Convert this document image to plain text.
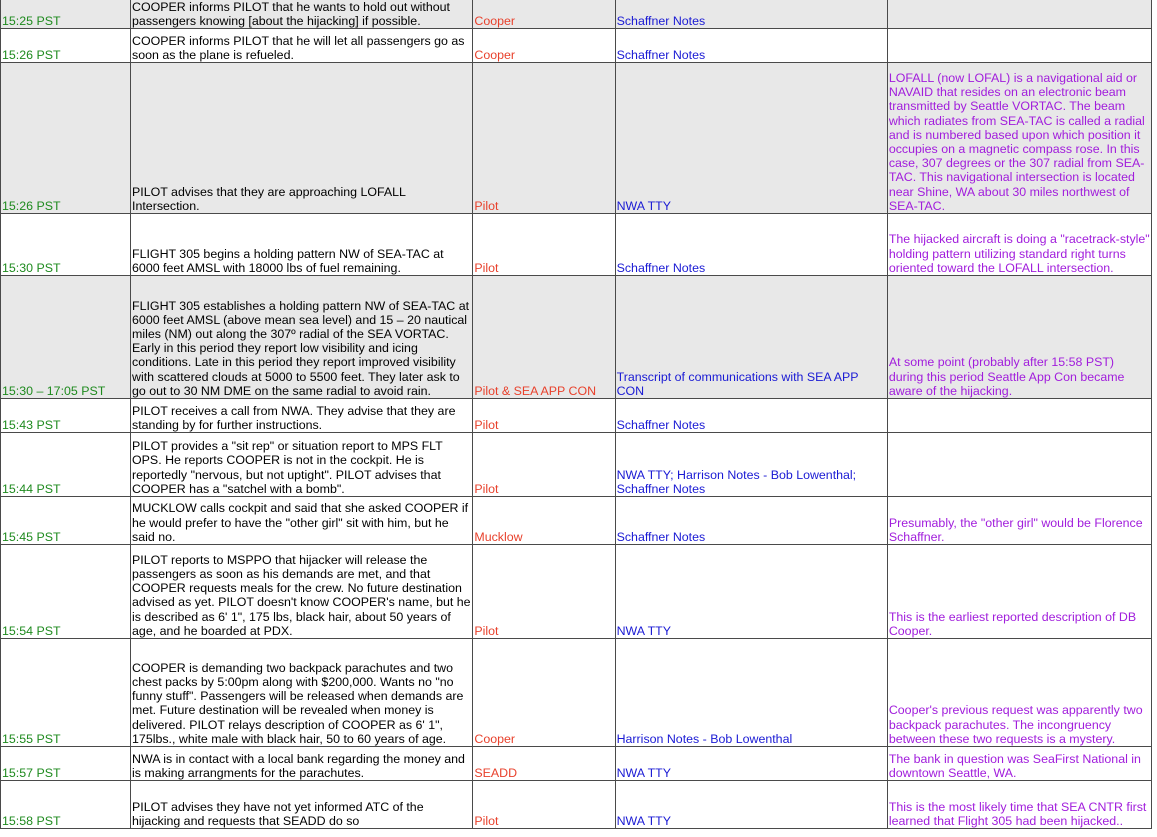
15:25 PST	COOPER informs PILOT that he wants to hold out without passengers knowing [about the hijacking] if possible.	Cooper	Schaffner Notes	
15:26 PST	COOPER informs PILOT that he will let all passengers go as soon as the plane is refueled.	Cooper	Schaffner Notes	
15:26 PST	PILOT advises that they are approaching LOFALL Intersection.	Pilot	NWA TTY	LOFALL (now LOFAL) is a navigational aid or NAVAID that resides on an electronic beam transmitted by Seattle VORTAC. The beam which radiates from SEA-TAC is called a radial and is numbered based upon which position it occupies on a magnetic compass rose. In this case, 307 degrees or the 307 radial from SEA-TAC. This navigational intersection is located near Shine, WA about 30 miles northwest of SEA-TAC.
15:30 PST	FLIGHT 305 begins a holding pattern NW of SEA-TAC at 6000 feet AMSL with 18000 lbs of fuel remaining.	Pilot	Schaffner Notes	The hijacked aircraft is doing a "racetrack-style" holding pattern utilizing standard right turns oriented toward the LOFALL intersection.
15:30 – 17:05 PST	FLIGHT 305 establishes a holding pattern NW of SEA-TAC at 6000 feet AMSL (above mean sea level) and 15 – 20 nautical miles (NM) out along the 307º radial of the SEA VORTAC. Early in this period they report low visibility and icing conditions. Late in this period they report improved visibility with scattered clouds at 5000 to 5500 feet. They later ask to go out to 30 NM DME on the same radial to avoid rain.	Pilot & SEA APP CON	Transcript of communications with SEA APP CON	At some point (probably after 15:58 PST) during this period Seattle App Con became aware of the hijacking.
15:43 PST	PILOT receives a call from NWA. They advise that they are standing by for further instructions.	Pilot	Schaffner Notes	
15:44 PST	PILOT provides a "sit rep" or situation report to MPS FLT OPS. He reports COOPER is not in the cockpit. He is reportedly "nervous, but not uptight". PILOT advises that COOPER has a "satchel with a bomb".	Pilot	NWA TTY; Harrison Notes - Bob Lowenthal; Schaffner Notes	
15:45 PST	MUCKLOW calls cockpit and said that she asked COOPER if he would prefer to have the "other girl" sit with him, but he said no.	Mucklow	Schaffner Notes	Presumably, the "other girl" would be Florence Schaffner.
15:54 PST	PILOT reports to MSPPO that hijacker will release the passengers as soon as his demands are met, and that COOPER requests meals for the crew. No future destination advised as yet. PILOT doesn't know COOPER's name, but he is described as 6' 1", 175 lbs, black hair, about 50 years of age, and he boarded at PDX.	Pilot	NWA TTY	This is the earliest reported description of DB Cooper.
15:55 PST	COOPER is demanding two backpack parachutes and two chest packs by 5:00pm along with $200,000. Wants no "no funny stuff". Passengers will be released when demands are met. Future destination will be revealed when money is delivered. PILOT relays description of COOPER as 6' 1", 175lbs., white male with black hair, 50 to 60 years of age.	Cooper	Harrison Notes - Bob Lowenthal	Cooper's previous request was apparently two backpack parachutes. The incongruency between these two requests is a mystery.
15:57 PST	NWA is in contact with a local bank regarding the money and is making arrangments for the parachutes.	SEADD	NWA TTY	The bank in question was SeaFirst National in downtown Seattle, WA.
15:58 PST	PILOT advises they have not yet informed ATC of the hijacking and requests that SEADD do so	Pilot	NWA TTY	This is the most likely time that SEA CNTR first learned that Flight 305 had been hijacked..
